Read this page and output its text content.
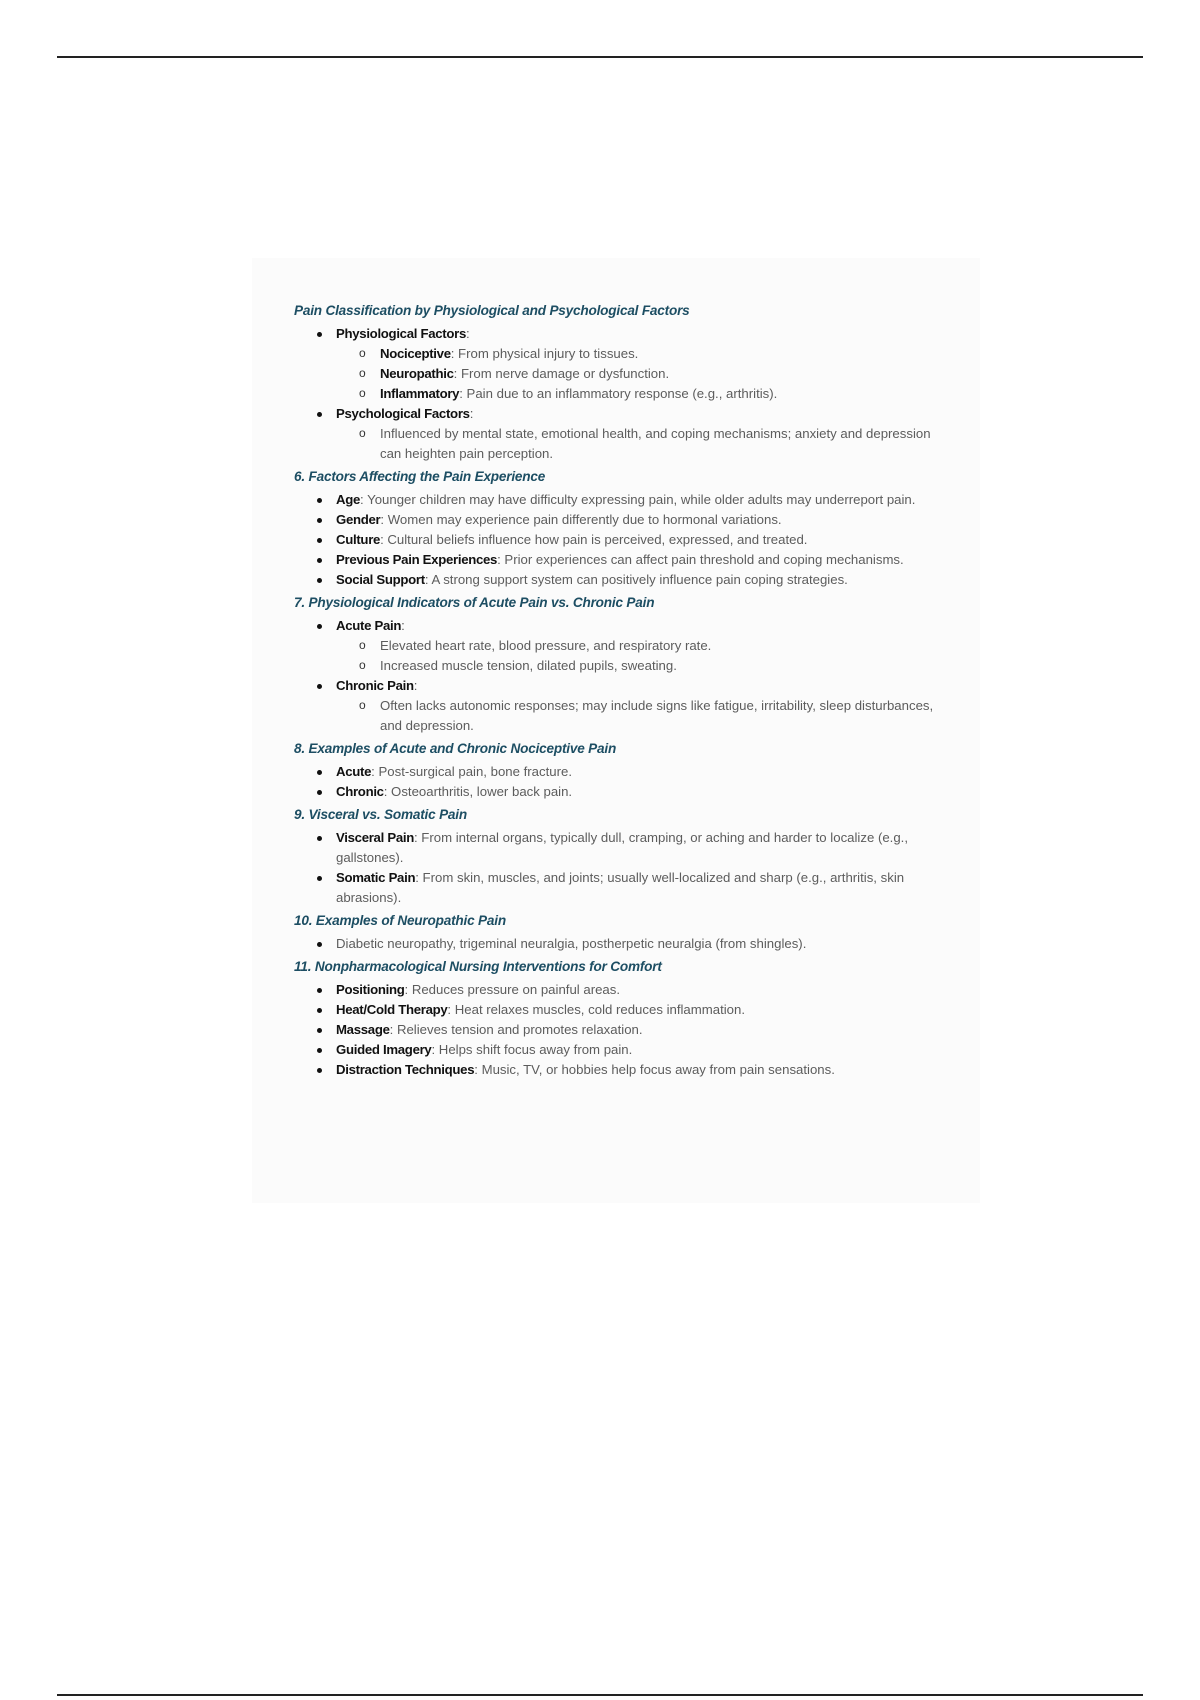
Pain Classification by Physiological and Psychological Factors
Physiological Factors:
o Nociceptive: From physical injury to tissues.
o Neuropathic: From nerve damage or dysfunction.
o Inflammatory: Pain due to an inflammatory response (e.g., arthritis).
Psychological Factors:
o Influenced by mental state, emotional health, and coping mechanisms; anxiety and depression can heighten pain perception.
6. Factors Affecting the Pain Experience
Age: Younger children may have difficulty expressing pain, while older adults may underreport pain.
Gender: Women may experience pain differently due to hormonal variations.
Culture: Cultural beliefs influence how pain is perceived, expressed, and treated.
Previous Pain Experiences: Prior experiences can affect pain threshold and coping mechanisms.
Social Support: A strong support system can positively influence pain coping strategies.
7. Physiological Indicators of Acute Pain vs. Chronic Pain
Acute Pain:
o Elevated heart rate, blood pressure, and respiratory rate.
o Increased muscle tension, dilated pupils, sweating.
Chronic Pain:
o Often lacks autonomic responses; may include signs like fatigue, irritability, sleep disturbances, and depression.
8. Examples of Acute and Chronic Nociceptive Pain
Acute: Post-surgical pain, bone fracture.
Chronic: Osteoarthritis, lower back pain.
9. Visceral vs. Somatic Pain
Visceral Pain: From internal organs, typically dull, cramping, or aching and harder to localize (e.g., gallstones).
Somatic Pain: From skin, muscles, and joints; usually well-localized and sharp (e.g., arthritis, skin abrasions).
10. Examples of Neuropathic Pain
Diabetic neuropathy, trigeminal neuralgia, postherpetic neuralgia (from shingles).
11. Nonpharmacological Nursing Interventions for Comfort
Positioning: Reduces pressure on painful areas.
Heat/Cold Therapy: Heat relaxes muscles, cold reduces inflammation.
Massage: Relieves tension and promotes relaxation.
Guided Imagery: Helps shift focus away from pain.
Distraction Techniques: Music, TV, or hobbies help focus away from pain sensations.
